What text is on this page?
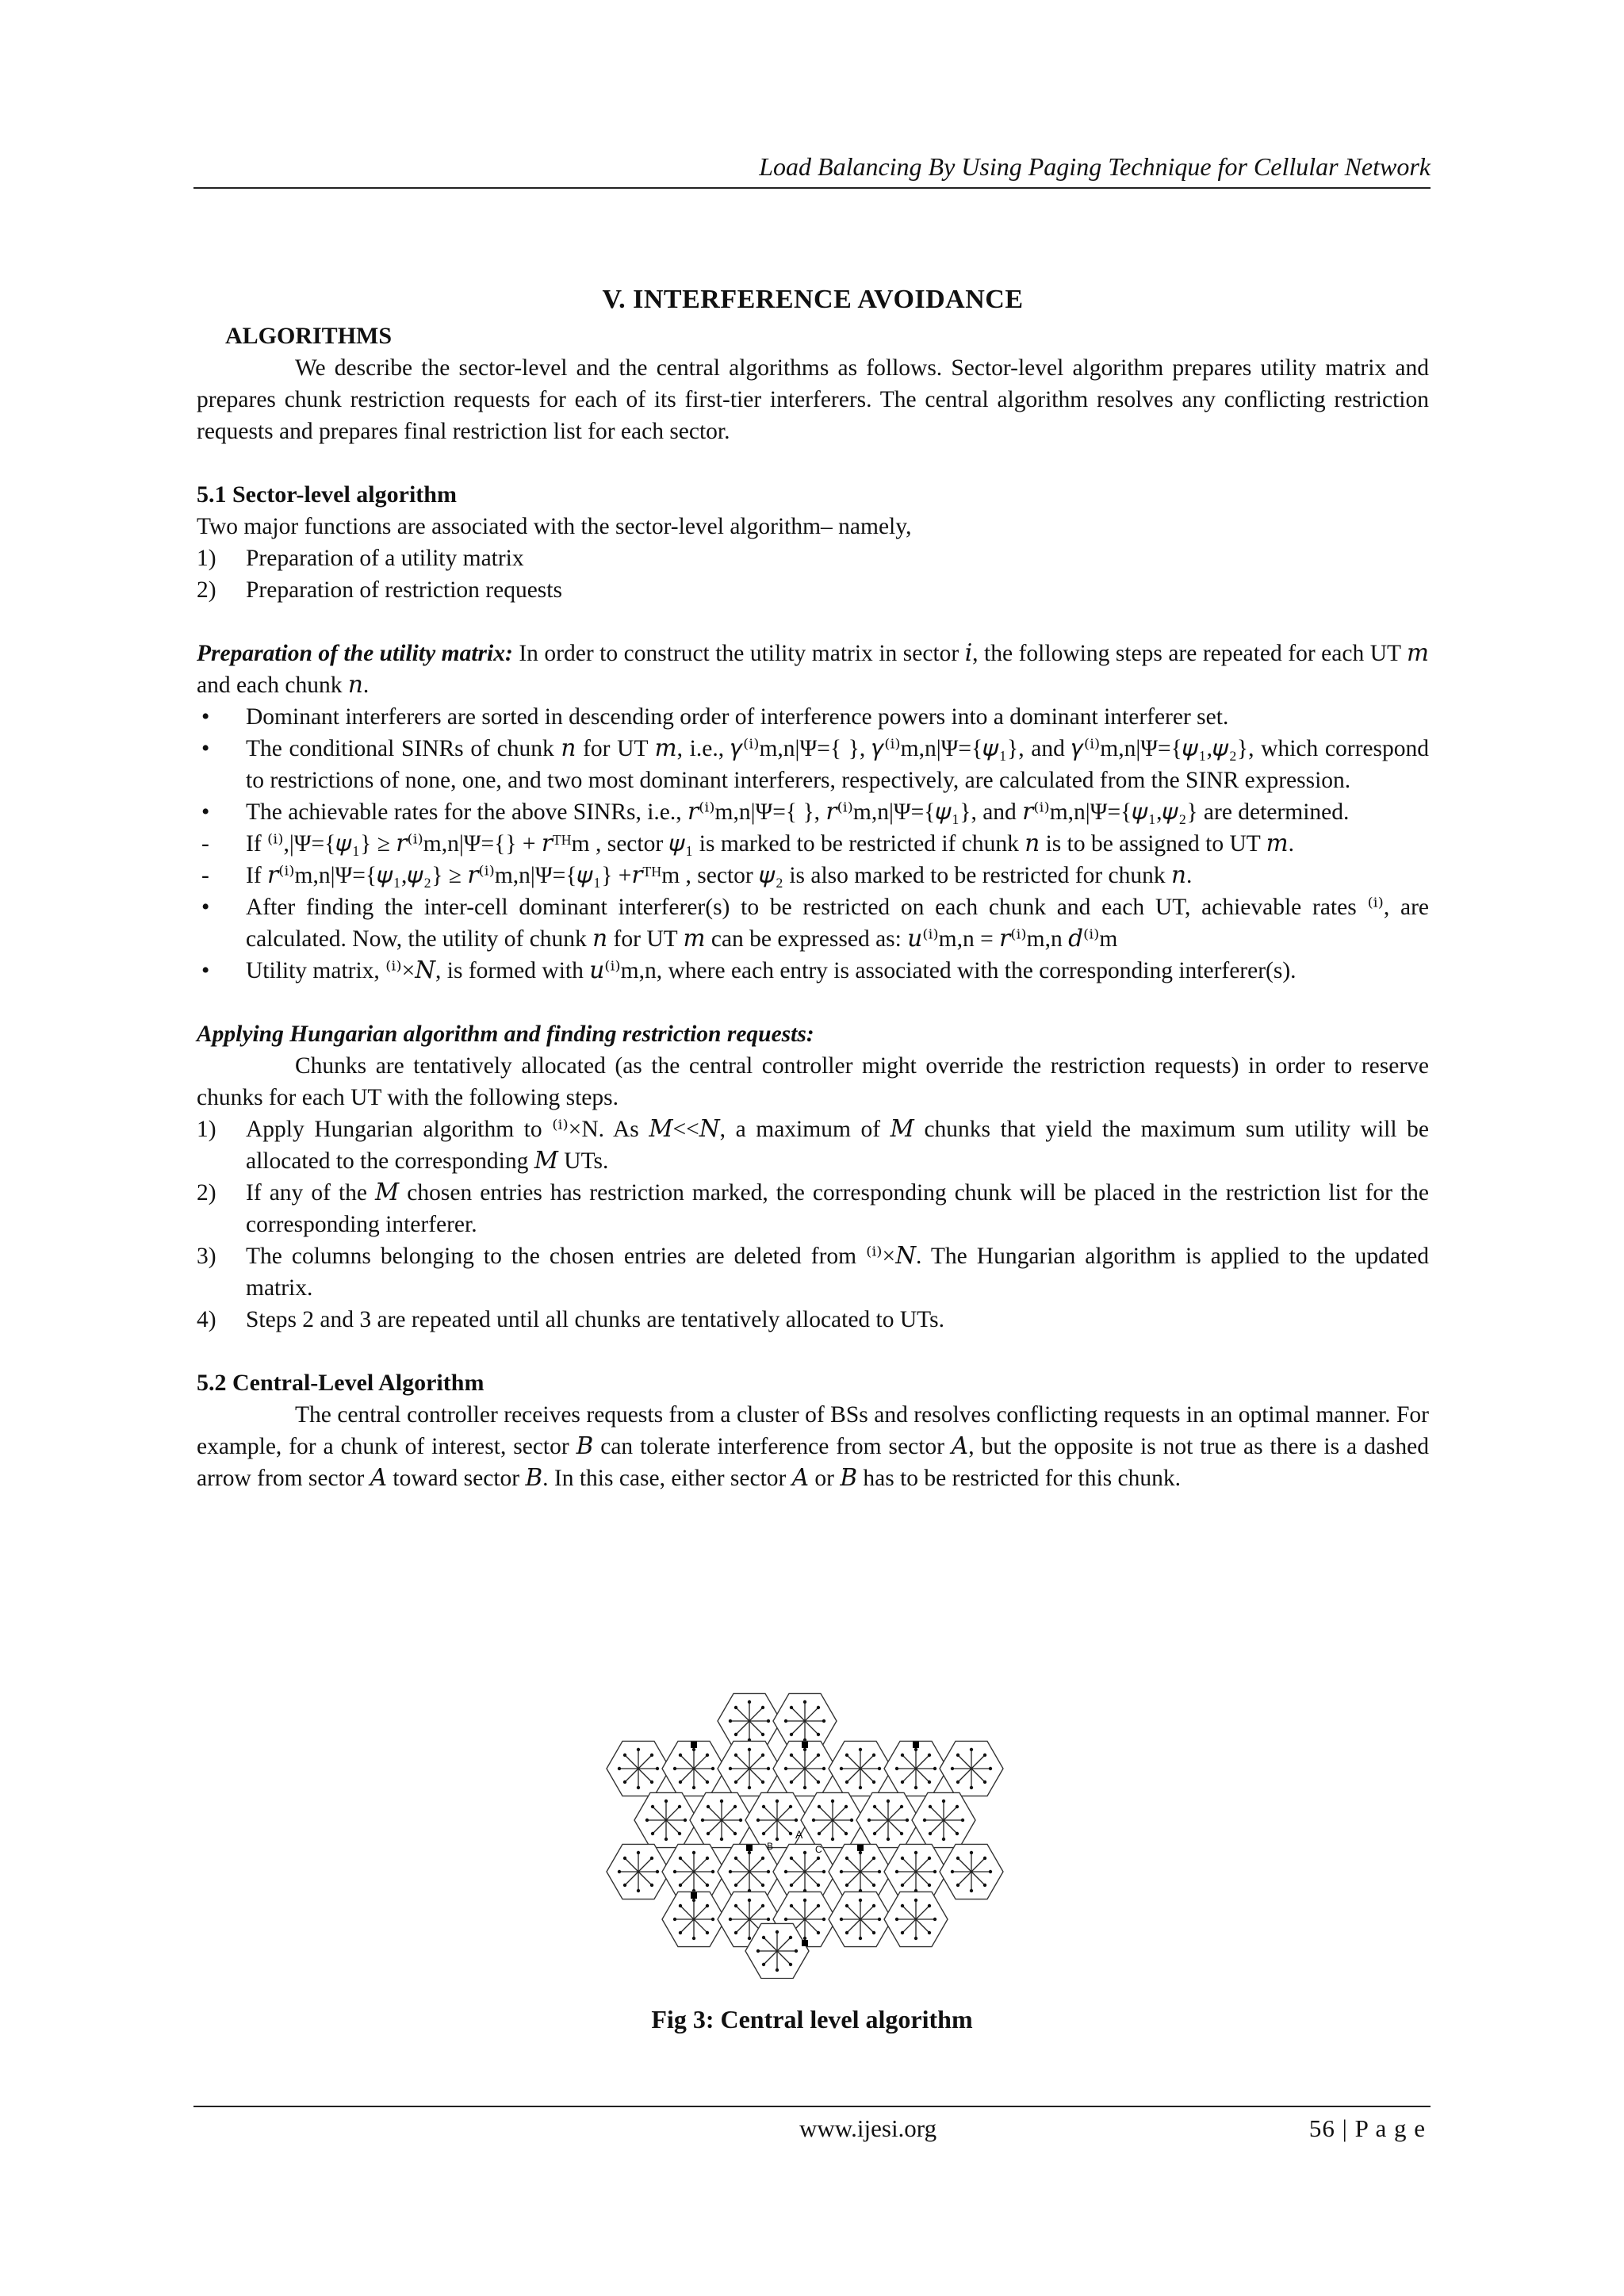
Load Balancing By Using Paging Technique for Cellular Network
V. INTERFERENCE AVOIDANCE
ALGORITHMS

We describe the sector-level and the central algorithms as follows. Sector-level algorithm prepares utility matrix and prepares chunk restriction requests for each of its first-tier interferers. The central algorithm resolves any conflicting restriction requests and prepares final restriction list for each sector.

5.1 Sector-level algorithm

Two major functions are associated with the sector-level algorithm– namely,

1) Preparation of a utility matrix
2) Preparation of restriction requests

Preparation of the utility matrix: In order to construct the utility matrix in sector 𝑖, the following steps are repeated for each UT 𝑚 and each chunk 𝑛.

• Dominant interferers are sorted in descending order of interference powers into a dominant interferer set.
• The conditional SINRs of chunk 𝑛 for UT 𝑚, i.e., 𝛾⁽ⁱ⁾m,n|Ψ={ }, 𝛾⁽ⁱ⁾m,n|Ψ={𝜓₁}, and 𝛾⁽ⁱ⁾m,n|Ψ={𝜓₁,𝜓₂}, which correspond to restrictions of none, one, and two most dominant interferers, respectively, are calculated from the SINR expression.
• The achievable rates for the above SINRs, i.e., 𝑟⁽ⁱ⁾m,n|Ψ={ }, 𝑟⁽ⁱ⁾m,n|Ψ={𝜓₁}, and 𝑟⁽ⁱ⁾m,n|Ψ={𝜓₁,𝜓₂} are determined.
- If ⁽ⁱ⁾,|Ψ={𝜓₁} ≥ 𝑟⁽ⁱ⁾m,n|Ψ={} + 𝑟ᵀᴴm , sector 𝜓₁ is marked to be restricted if chunk 𝑛 is to be assigned to UT 𝑚.
- If 𝑟⁽ⁱ⁾m,n|Ψ={𝜓₁,𝜓₂} ≥ 𝑟⁽ⁱ⁾m,n|Ψ={𝜓₁} +𝑟ᵀᴴm , sector 𝜓₂ is also marked to be restricted for chunk 𝑛.
• After finding the inter-cell dominant interferer(s) to be restricted on each chunk and each UT, achievable rates ⁽ⁱ⁾, are calculated. Now, the utility of chunk 𝑛 for UT 𝑚 can be expressed as: 𝑢⁽ⁱ⁾m,n = 𝑟⁽ⁱ⁾m,n 𝑑⁽ⁱ⁾m
• Utility matrix, ⁽ⁱ⁾×𝑁, is formed with 𝑢⁽ⁱ⁾m,n, where each entry is associated with the corresponding interferer(s).

Applying Hungarian algorithm and finding restriction requests:

Chunks are tentatively allocated (as the central controller might override the restriction requests) in order to reserve chunks for each UT with the following steps.

1) Apply Hungarian algorithm to ⁽ⁱ⁾×N. As 𝑀<<𝑁, a maximum of 𝑀 chunks that yield the maximum sum utility will be allocated to the corresponding 𝑀 UTs.
2) If any of the 𝑀 chosen entries has restriction marked, the corresponding chunk will be placed in the restriction list for the corresponding interferer.
3) The columns belonging to the chosen entries are deleted from ⁽ⁱ⁾×𝑁. The Hungarian algorithm is applied to the updated matrix.
4) Steps 2 and 3 are repeated until all chunks are tentatively allocated to UTs.
5.2 Central-Level Algorithm

The central controller receives requests from a cluster of BSs and resolves conflicting requests in an optimal manner. For example, for a chunk of interest, sector 𝐵 can tolerate interference from sector 𝐴, but the opposite is not true as there is a dashed arrow from sector 𝐴 toward sector 𝐵. In this case, either sector 𝐴 or 𝐵 has to be restricted for this chunk.

A
B	C
Fig 3: Central level algorithm
www.ijesi.org	56 | P a g e
